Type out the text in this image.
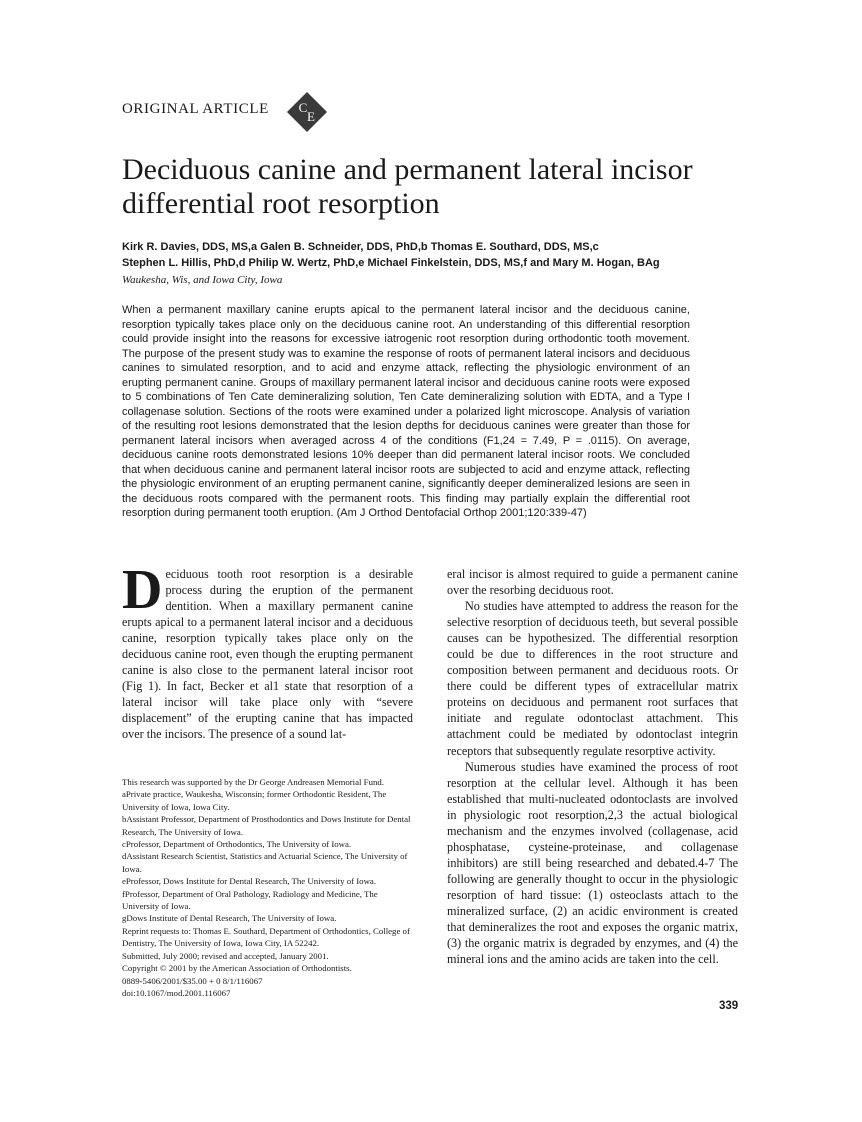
ORIGINAL ARTICLE C
E
Deciduous canine and permanent lateral incisor differential root resorption
Kirk R. Davies, DDS, MS,a Galen B. Schneider, DDS, PhD,b Thomas E. Southard, DDS, MS,c
Stephen L. Hillis, PhD,d Philip W. Wertz, PhD,e Michael Finkelstein, DDS, MS,f and Mary M. Hogan, BAg
Waukesha, Wis, and Iowa City, Iowa
When a permanent maxillary canine erupts apical to the permanent lateral incisor and the deciduous canine, resorption typically takes place only on the deciduous canine root. An understanding of this differential resorption could provide insight into the reasons for excessive iatrogenic root resorption during orthodontic tooth movement. The purpose of the present study was to examine the response of roots of permanent lateral incisors and deciduous canines to simulated resorption, and to acid and enzyme attack, reflecting the physiologic environment of an erupting permanent canine. Groups of maxillary permanent lateral incisor and deciduous canine roots were exposed to 5 combinations of Ten Cate demineralizing solution, Ten Cate demineralizing solution with EDTA, and a Type I collagenase solution. Sections of the roots were examined under a polarized light microscope. Analysis of variation of the resulting root lesions demonstrated that the lesion depths for deciduous canines were greater than those for permanent lateral incisors when averaged across 4 of the conditions (F1,24 = 7.49, P = .0115). On average, deciduous canine roots demonstrated lesions 10% deeper than did permanent lateral incisor roots. We concluded that when deciduous canine and permanent lateral incisor roots are subjected to acid and enzyme attack, reflecting the physiologic environment of an erupting permanent canine, significantly deeper demineralized lesions are seen in the deciduous roots compared with the permanent roots. This finding may partially explain the differential root resorption during permanent tooth eruption. (Am J Orthod Dentofacial Orthop 2001;120:339-47)

Deciduous tooth root resorption is a desirable process during the eruption of the permanent dentition. When a maxillary permanent canine erupts apical to a permanent lateral incisor and a deciduous canine, resorption typically takes place only on the deciduous canine root, even though the erupting permanent canine is also close to the permanent lateral incisor root (Fig 1). In fact, Becker et al1 state that resorption of a lateral incisor will take place only with “severe displacement” of the erupting canine that has impacted over the incisors. The presence of a sound lat-

eral incisor is almost required to guide a permanent canine over the resorbing deciduous root.

No studies have attempted to address the reason for the selective resorption of deciduous teeth, but several possible causes can be hypothesized. The differential resorption could be due to differences in the root structure and composition between permanent and deciduous roots. Or there could be different types of extracellular matrix proteins on deciduous and permanent root surfaces that initiate and regulate odontoclast attachment. This attachment could be mediated by odontoclast integrin receptors that subsequently regulate resorptive activity.

Numerous studies have examined the process of root resorption at the cellular level. Although it has been established that multi-nucleated odontoclasts are involved in physiologic root resorption,2,3 the actual biological mechanism and the enzymes involved (collagenase, acid phosphatase, cysteine-proteinase, and collagenase inhibitors) are still being researched and debated.4-7 The following are generally thought to occur in the physiologic resorption of hard tissue: (1) osteoclasts attach to the mineralized surface, (2) an acidic environment is created that demineralizes the root and exposes the organic matrix, (3) the organic matrix is degraded by enzymes, and (4) the mineral ions and the amino acids are taken into the cell.

This research was supported by the Dr George Andreasen Memorial Fund.
aPrivate practice, Waukesha, Wisconsin; former Orthodontic Resident, The University of Iowa, Iowa City.
bAssistant Professor, Department of Prosthodontics and Dows Institute for Dental Research, The University of Iowa.
cProfessor, Department of Orthodontics, The University of Iowa.
dAssistant Research Scientist, Statistics and Actuarial Science, The University of Iowa.
eProfessor, Dows Institute for Dental Research, The University of Iowa.
fProfessor, Department of Oral Pathology, Radiology and Medicine, The University of Iowa.
gDows Institute of Dental Research, The University of Iowa.
Reprint requests to: Thomas E. Southard, Department of Orthodontics, College of Dentistry, The University of Iowa, Iowa City, IA 52242.
Submitted, July 2000; revised and accepted, January 2001.
Copyright © 2001 by the American Association of Orthodontists.
0889-5406/2001/$35.00 + 0 8/1/116067
doi:10.1067/mod.2001.116067
339
